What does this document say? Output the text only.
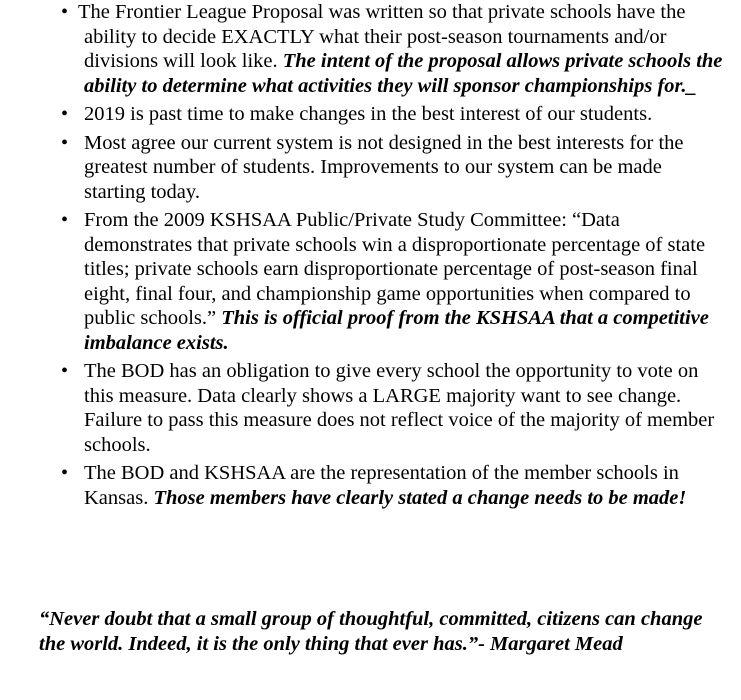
• The Frontier League Proposal was written so that private schools have the ability to decide EXACTLY what their post-season tournaments and/or divisions will look like. The intent of the proposal allows private schools the ability to determine what activities they will sponsor championships for._
• 2019 is past time to make changes in the best interest of our students.
• Most agree our current system is not designed in the best interests for the greatest number of students. Improvements to our system can be made starting today.
• From the 2009 KSHSAA Public/Private Study Committee: “Data demonstrates that private schools win a disproportionate percentage of state titles; private schools earn disproportionate percentage of post-season final eight, final four, and championship game opportunities when compared to public schools.” This is official proof from the KSHSAA that a competitive imbalance exists.
• The BOD has an obligation to give every school the opportunity to vote on this measure. Data clearly shows a LARGE majority want to see change. Failure to pass this measure does not reflect voice of the majority of member schools.
• The BOD and KSHSAA are the representation of the member schools in Kansas. Those members have clearly stated a change needs to be made!
“Never doubt that a small group of thoughtful, committed, citizens can change the world. Indeed, it is the only thing that ever has.”- Margaret Mead
